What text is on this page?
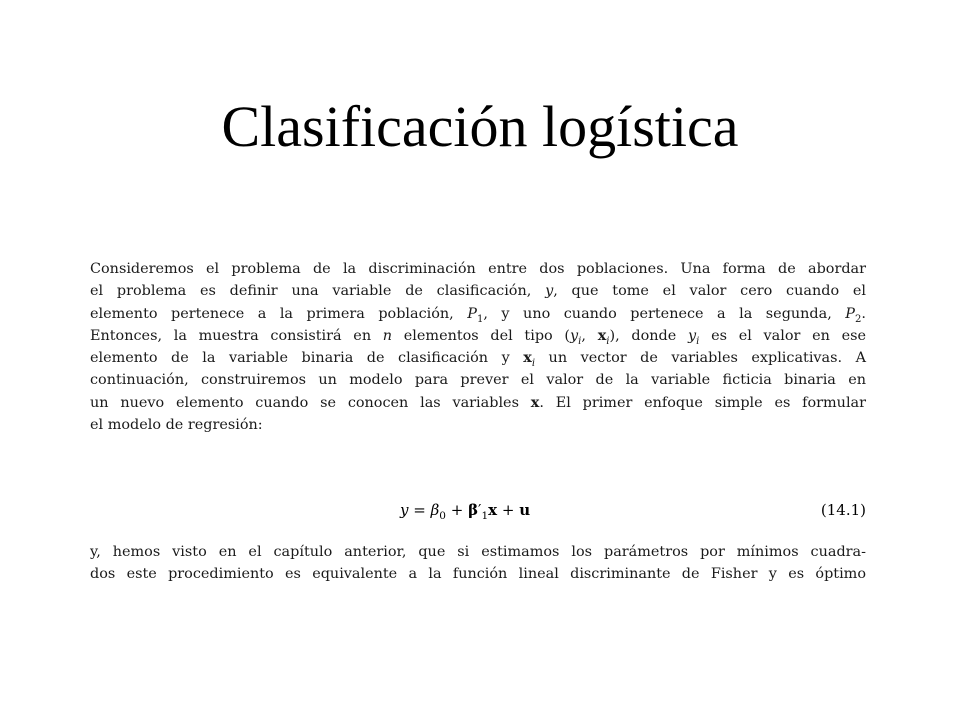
Clasificación logística
Consideremos el problema de la discriminación entre dos poblaciones. Una forma de abordar
el problema es definir una variable de clasificación, y, que tome el valor cero cuando el
elemento pertenece a la primera población, $P_1$, y uno cuando pertenece a la segunda, $P_2$.
Entonces, la muestra consistirá en n elementos del tipo ($y_i$, $x_i$), donde $y_i$ es el valor en ese
elemento de la variable binaria de clasificación y $x_i$ un vector de variables explicativas. A
continuación, construiremos un modelo para prever el valor de la variable ficticia binaria en
un nuevo elemento cuando se conocen las variables x. El primer enfoque simple es formular
el modelo de regresión:
$y = \beta_0 + \beta'_1x + u$	(14.1)
y, hemos visto en el capítulo anterior, que si estimamos los parámetros por mínimos cuadra-
dos este procedimiento es equivalente a la función lineal discriminante de Fisher y es óptimo
